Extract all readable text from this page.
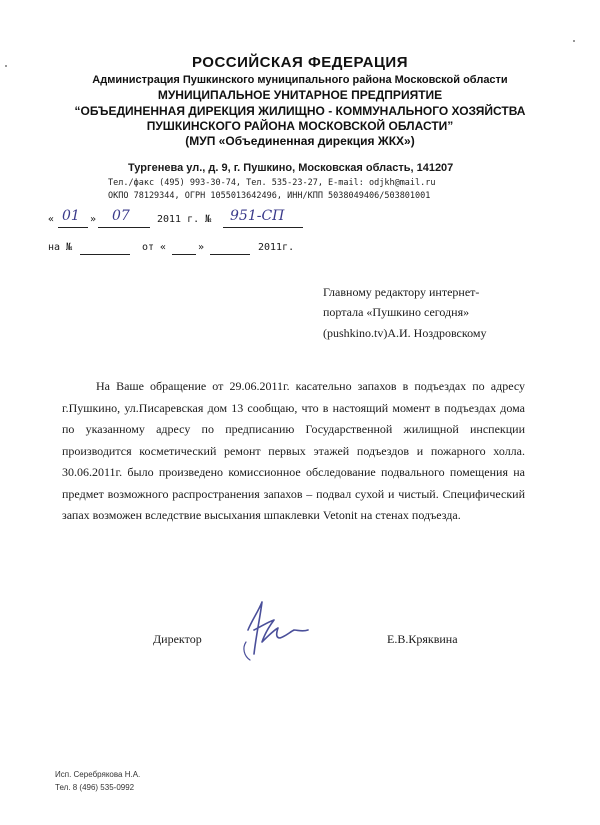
РОССИЙСКАЯ ФЕДЕРАЦИЯ
Администрация Пушкинского муниципального района Московской области
МУНИЦИПАЛЬНОЕ УНИТАРНОЕ ПРЕДПРИЯТИЕ
“ОБЪЕДИНЕННАЯ ДИРЕКЦИЯ ЖИЛИЩНО - КОММУНАЛЬНОГО ХОЗЯЙСТВА
ПУШКИНСКОГО РАЙОНА МОСКОВСКОЙ ОБЛАСТИ”
(МУП «Объединенная дирекция ЖКХ»)
Тургенева ул., д. 9, г. Пушкино, Московская область, 141207
Тел./факс (495) 993-30-74, Тел. 535-23-27, E-mail: odjkh@mail.ru
ОКПО 78129344, ОГРН 1055013642496, ИНН/КПП 5038049406/503801001
« 01 » 07	2011 г. № 951-СП
на №	от «	»	2011г.
Главному редактору интернет-
портала «Пушкино сегодня»
(pushkino.tv)А.И. Ноздровскому
На Ваше обращение от 29.06.2011г. касательно запахов в подъездах по адресу г.Пушкино, ул.Писаревская дом 13 сообщаю, что в настоящий момент в подъездах дома по указанному адресу по предписанию Государственной жилищной инспекции производится косметический ремонт первых этажей подъездов и пожарного холла. 30.06.2011г. было произведено комиссионное обследование подвального помещения на предмет возможного распространения запахов – подвал сухой и чистый. Специфический запах возможен вследствие высыхания шпаклевки Vetonit на стенах подъезда.
Директор	Е.В.Кряквина
Исп. Серебрякова Н.А.
Тел. 8 (496) 535-0992
